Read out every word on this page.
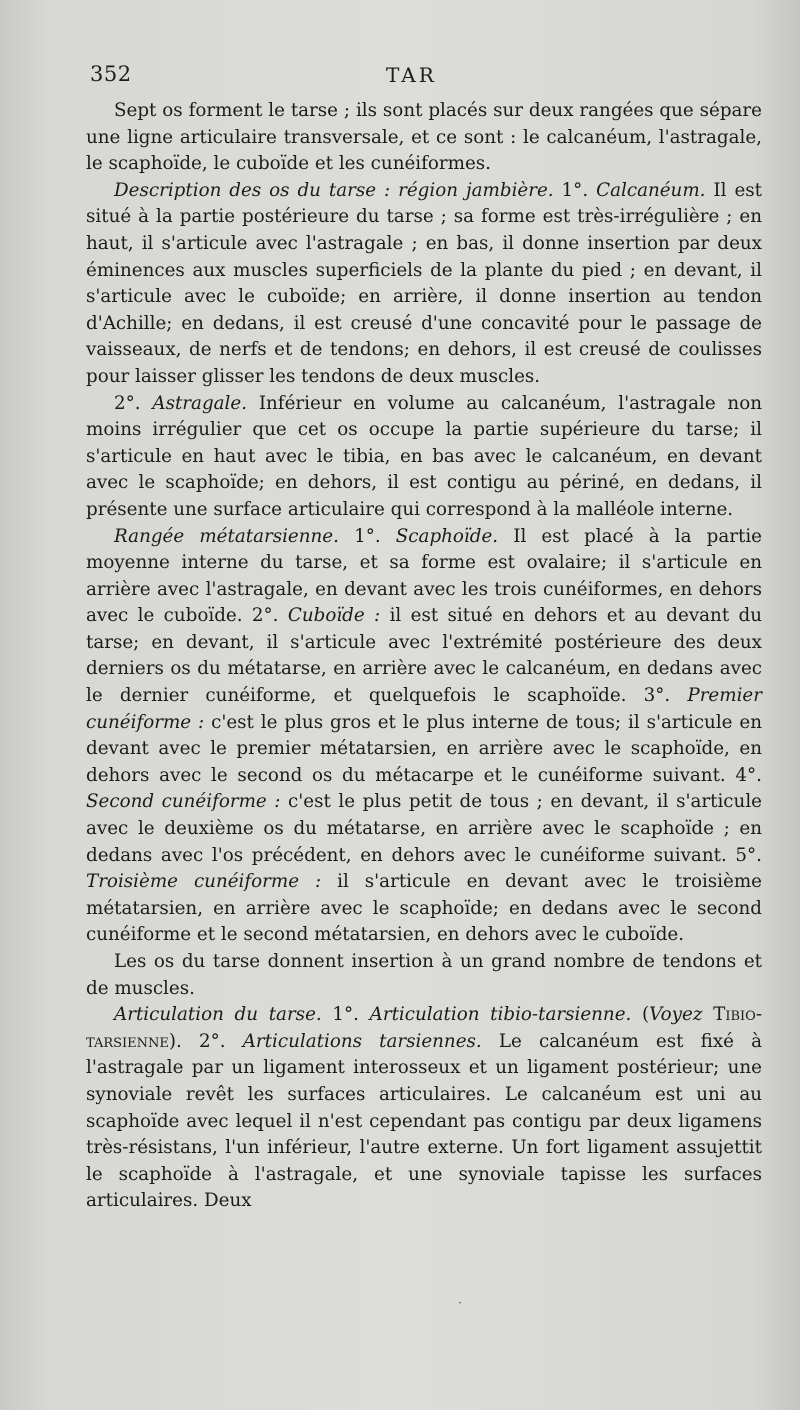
352	TAR

Sept os forment le tarse ; ils sont placés sur deux rangées que sépare une ligne articulaire transversale, et ce sont : le calcanéum, l'astragale, le scaphoïde, le cuboïde et les cunéiformes.

Description des os du tarse : région jambière. 1°. Calcanéum. Il est situé à la partie postérieure du tarse ; sa forme est très-irrégulière ; en haut, il s'articule avec l'astragale ; en bas, il donne insertion par deux éminences aux muscles superficiels de la plante du pied ; en devant, il s'articule avec le cuboïde; en arrière, il donne insertion au tendon d'Achille; en dedans, il est creusé d'une concavité pour le passage de vaisseaux, de nerfs et de tendons; en dehors, il est creusé de coulisses pour laisser glisser les tendons de deux muscles.

2°. Astragale. Inférieur en volume au calcanéum, l'astragale non moins irrégulier que cet os occupe la partie supérieure du tarse; il s'articule en haut avec le tibia, en bas avec le calcanéum, en devant avec le scaphoïde; en dehors, il est contigu au périné, en dedans, il présente une surface articulaire qui correspond à la malléole interne.

Rangée métatarsienne. 1°. Scaphoïde. Il est placé à la partie moyenne interne du tarse, et sa forme est ovalaire; il s'articule en arrière avec l'astragale, en devant avec les trois cunéiformes, en dehors avec le cuboïde. 2°. Cuboïde : il est situé en dehors et au devant du tarse; en devant, il s'articule avec l'extrémité postérieure des deux derniers os du métatarse, en arrière avec le calcanéum, en dedans avec le dernier cunéiforme, et quelquefois le scaphoïde. 3°. Premier cunéiforme : c'est le plus gros et le plus interne de tous; il s'articule en devant avec le premier métatarsien, en arrière avec le scaphoïde, en dehors avec le second os du métacarpe et le cunéiforme suivant. 4°. Second cunéiforme : c'est le plus petit de tous ; en devant, il s'articule avec le deuxième os du métatarse, en arrière avec le scaphoïde ; en dedans avec l'os précédent, en dehors avec le cunéiforme suivant. 5°. Troisième cunéiforme : il s'articule en devant avec le troisième métatarsien, en arrière avec le scaphoïde; en dedans avec le second cunéiforme et le second métatarsien, en dehors avec le cuboïde.

Les os du tarse donnent insertion à un grand nombre de tendons et de muscles.

Articulation du tarse. 1°. Articulation tibio-tarsienne. (Voyez Tibio-tarsienne). 2°. Articulations tarsiennes. Le calcanéum est fixé à l'astragale par un ligament interosseux et un ligament postérieur; une synoviale revêt les surfaces articulaires. Le calcanéum est uni au scaphoïde avec lequel il n'est cependant pas contigu par deux ligamens très-résistans, l'un inférieur, l'autre externe. Un fort ligament assujettit le scaphoïde à l'astragale, et une synoviale tapisse les surfaces articulaires. Deux

·
